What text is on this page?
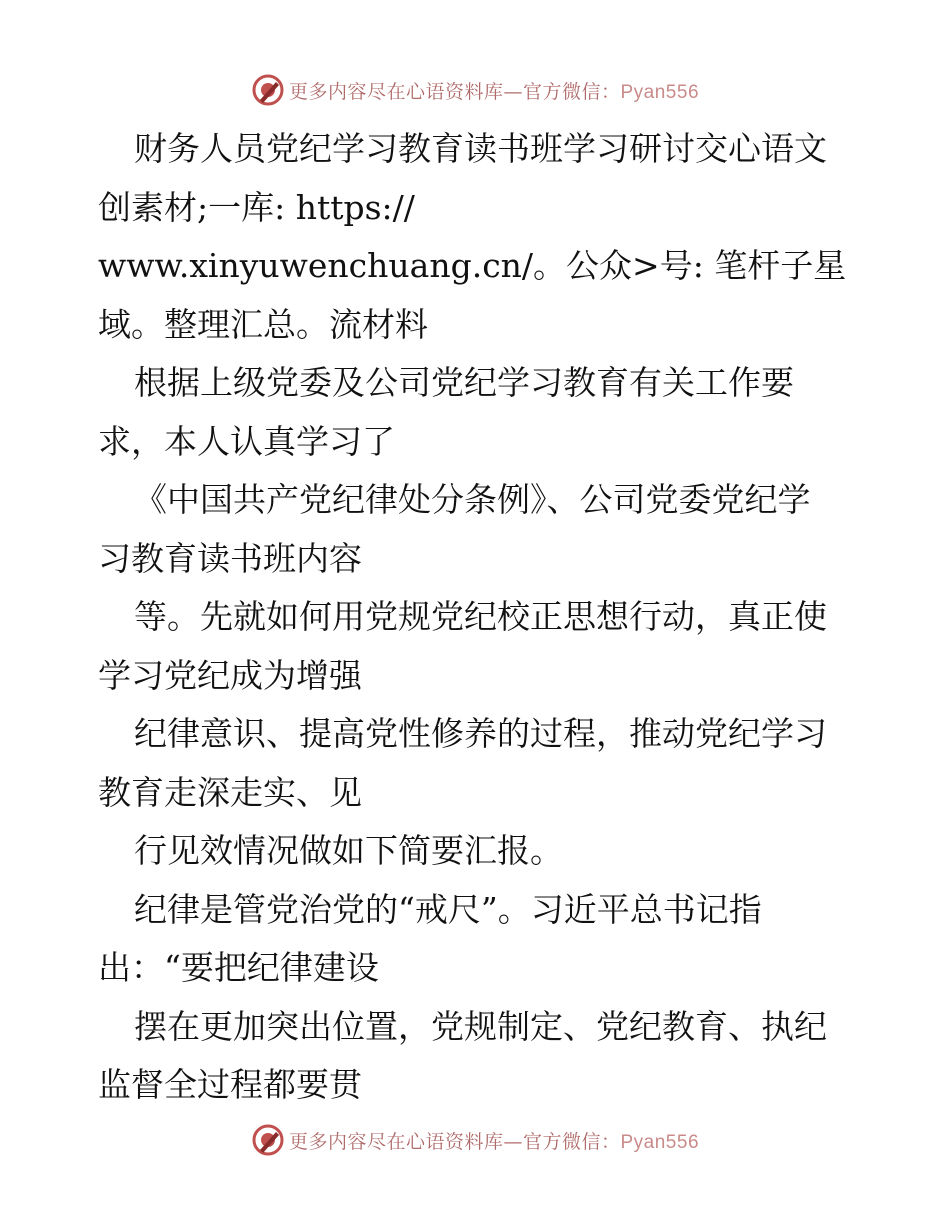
更多内容尽在心语资料库—官方微信：Pyan556
财务人员党纪学习教育读书班学习研讨交心语文
创素材;一库: https://
www.xinyuwenchuang.cn/。公众>号: 笔杆子星
域。整理汇总。流材料
根据上级党委及公司党纪学习教育有关工作要
求，本人认真学习了
《中国共产党纪律处分条例》、公司党委党纪学
习教育读书班内容
等。先就如何用党规党纪校正思想行动，真正使
学习党纪成为增强
纪律意识、提高党性修养的过程，推动党纪学习
教育走深走实、见
行见效情况做如下简要汇报。
纪律是管党治党的“戒尺”。习近平总书记指
出：“要把纪律建设
摆在更加突出位置，党规制定、党纪教育、执纪
监督全过程都要贯
更多内容尽在心语资料库—官方微信：Pyan556
